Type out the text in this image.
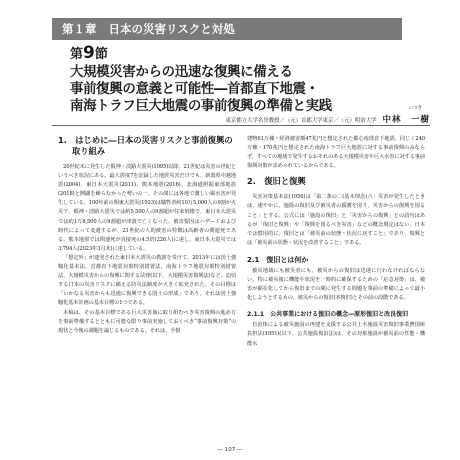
第１章 日本の災害リスクと対処
第9節
大規模災害からの迅速な復興に備える
事前復興の意義と可能性―首都直下地震・
南海トラフ巨大地震の事前復興の準備と実践
東京都立大学名誉教授／（元）首都大学東京／（元）明治大学 中林　一樹
いつき
1.　はじめに―日本の災害リスクと事前復興の取り組み

20世紀末に発生した阪神・淡路大震災(1995)以降、21世紀は災害の世紀というべき状況にある。最大震度7を記録した地震災害だけでも、新潟県中越地震(2004)、東日本大震災(2011)、熊本地震(2016)、北海道胆振東部地震(2018)と開闢を繰らなかった勢いの一、その間には各地で激しい風水害が発生している。100年前の関東大震災(1923)は犠牲者約10万5,000人の9割が火災で、阪神・淡路大震災では約5,500人の9割超が住家倒壊で、東日本大震災では約1万8,500人の9割超が津波で亡くなった。被害要因はハザードおよび時代によって変遷するが、21世紀の人的被害の特徴は高齢者の関連死である。熊本地震では関連死が直接死の4.5倍(226人)に達し、東日本大震災では3,794人(2023年3月末)に達している。

「想定外」が連発された東日本大震災の教訓を受けて、2013年には国土強靱化基本法、首都直下地震対策特別措置法、南海トラフ地震対策特別措置法、大規模災害からの復興に関する法律(以下、大規模災害復興法)など、迫切する日本の災害リスクに備える防災法制度が大きく拡充された。その目標は「いかなる災害からも迅速に復興できる国土の形成」であり、それは国土強靱化基本計画の基本目標の1つである。

本稿は、その基本目標である巨大災害後に取り組むべき災害復興の進め方を事前準備するとともに可能な限り事前実施しておくべき“事前復興対策”の現状と今後の課題を論じるものである。それは、全損

建物61万棟・経済被害額47兆円と想定された都心南部直下地震、同じく240万棟・170兆円と想定された南海トラフ巨大地震に対する事前復興のみならず、すべての地域で発生するおそれのある大規模災害や巨大水害に対する事前復興対策が求められているからである。

2.　復旧と復興

災害対策基本法(1956)は「第二条の二(基本理念)六」災害が発生したときは、速やかに、施設の復旧及び被災者の援護を図り、災害からの復興を図ること」とする。公式には「施設の復旧」と「災害からの復興」との語句はあるが「復旧と復興」や「復興を図るべき災害」などの概念規定はない。日本では慣用的に、復旧とは「被災前の状態・状況に戻すこと」であり、復興とは「被災前の状態・状況を改善すること」である。

2.1　復旧とは何か

被災地域にも被災者にも、被災からの復旧は迅速に行わなければならない。特に被災後に機能や状況を一時的に確保するための「応急対策」は、被害が顕在化してから復旧までの間に発生する問題を事前の準備によって最小化しようとするもの。被災からの復旧(本復旧)とその前の段階である。

2.1.1　公共事業における復旧の概念―原形復旧と改良復旧

自治体による被災施設の再建を支援する公共土木施設災害復旧事業費国庫負担法(1951)(以下、公共施設復旧法)は、その対象施設が被災前の性能・機能水

― 107 ―
